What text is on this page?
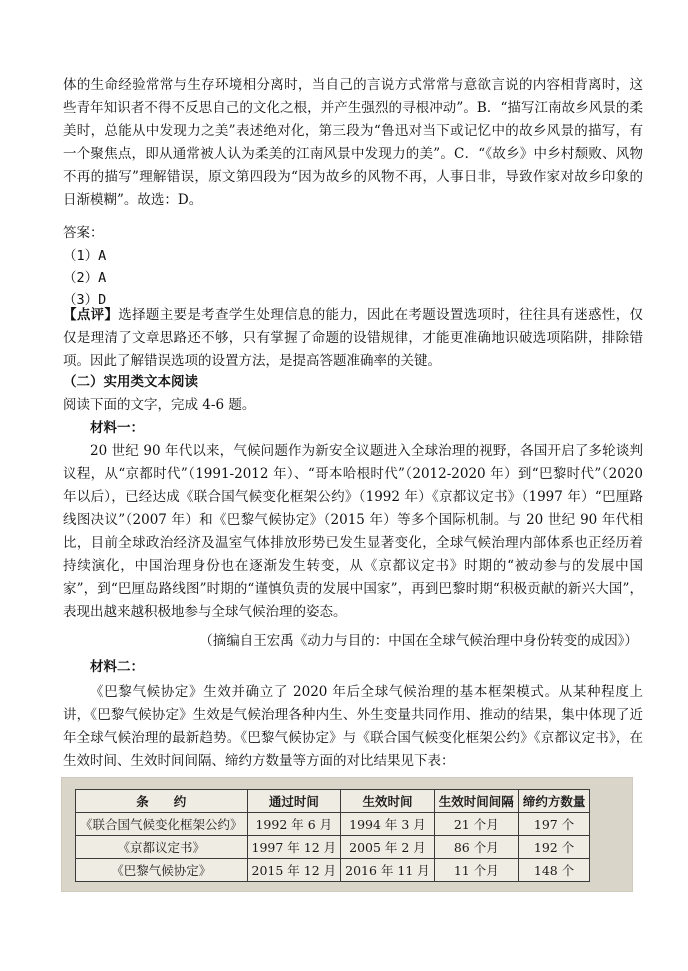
体的生命经验常常与生存环境相分离时，当自己的言说方式常常与意欲言说的内容相背离时，这些青年知识者不得不反思自己的文化之根，并产生强烈的寻根冲动”。B．“描写江南故乡风景的柔美时，总能从中发现力之美”表述绝对化，第三段为“鲁迅对当下或记忆中的故乡风景的描写，有一个聚焦点，即从通常被人认为柔美的江南风景中发现力的美”。C．“《故乡》中乡村颓败、风物不再的描写”理解错误，原文第四段为“因为故乡的风物不再，人事日非，导致作家对故乡印象的日渐模糊”。故选：D。

答案：

（1）A

（2）A

（3）D

【点评】选择题主要是考查学生处理信息的能力，因此在考题设置选项时，往往具有迷惑性，仅仅是理清了文章思路还不够，只有掌握了命题的设错规律，才能更准确地识破选项陷阱，排除错项。因此了解错误选项的设置方法，是提高答题准确率的关键。

（二）实用类文本阅读

阅读下面的文字，完成 4-6 题。

材料一：

20 世纪 90 年代以来，气候问题作为新安全议题进入全球治理的视野，各国开启了多轮谈判议程，从“京都时代”（1991-2012 年）、“哥本哈根时代”（2012-2020 年）到“巴黎时代”（2020 年以后），已经达成《联合国气候变化框架公约》（1992 年）《京都议定书》（1997 年）“巴厘路线图决议”（2007 年）和《巴黎气候协定》（2015 年）等多个国际机制。与 20 世纪 90 年代相比，目前全球政治经济及温室气体排放形势已发生显著变化，全球气候治理内部体系也正经历着持续演化，中国治理身份也在逐渐发生转变，从《京都议定书》时期的“被动参与的发展中国家”，到“巴厘岛路线图”时期的“谨慎负责的发展中国家”，再到巴黎时期“积极贡献的新兴大国”，表现出越来越积极地参与全球气候治理的姿态。

（摘编自王宏禹《动力与目的：中国在全球气候治理中身份转变的成因》）

材料二：

《巴黎气候协定》生效并确立了 2020 年后全球气候治理的基本框架模式。从某种程度上讲，《巴黎气候协定》生效是气候治理各种内生、外生变量共同作用、推动的结果，集中体现了近年全球气候治理的最新趋势。《巴黎气候协定》与《联合国气候变化框架公约》《京都议定书》，在生效时间、生效时间间隔、缔约方数量等方面的对比结果见下表：

条　　约	通过时间	生效时间	生效时间间隔	缔约方数量
《联合国气候变化框架公约》	1992 年 6 月	1994 年 3 月	21 个月	197 个
《京都议定书》	1997 年 12 月	2005 年 2 月	86 个月	192 个
《巴黎气候协定》	2015 年 12 月	2016 年 11 月	11 个月	148 个
